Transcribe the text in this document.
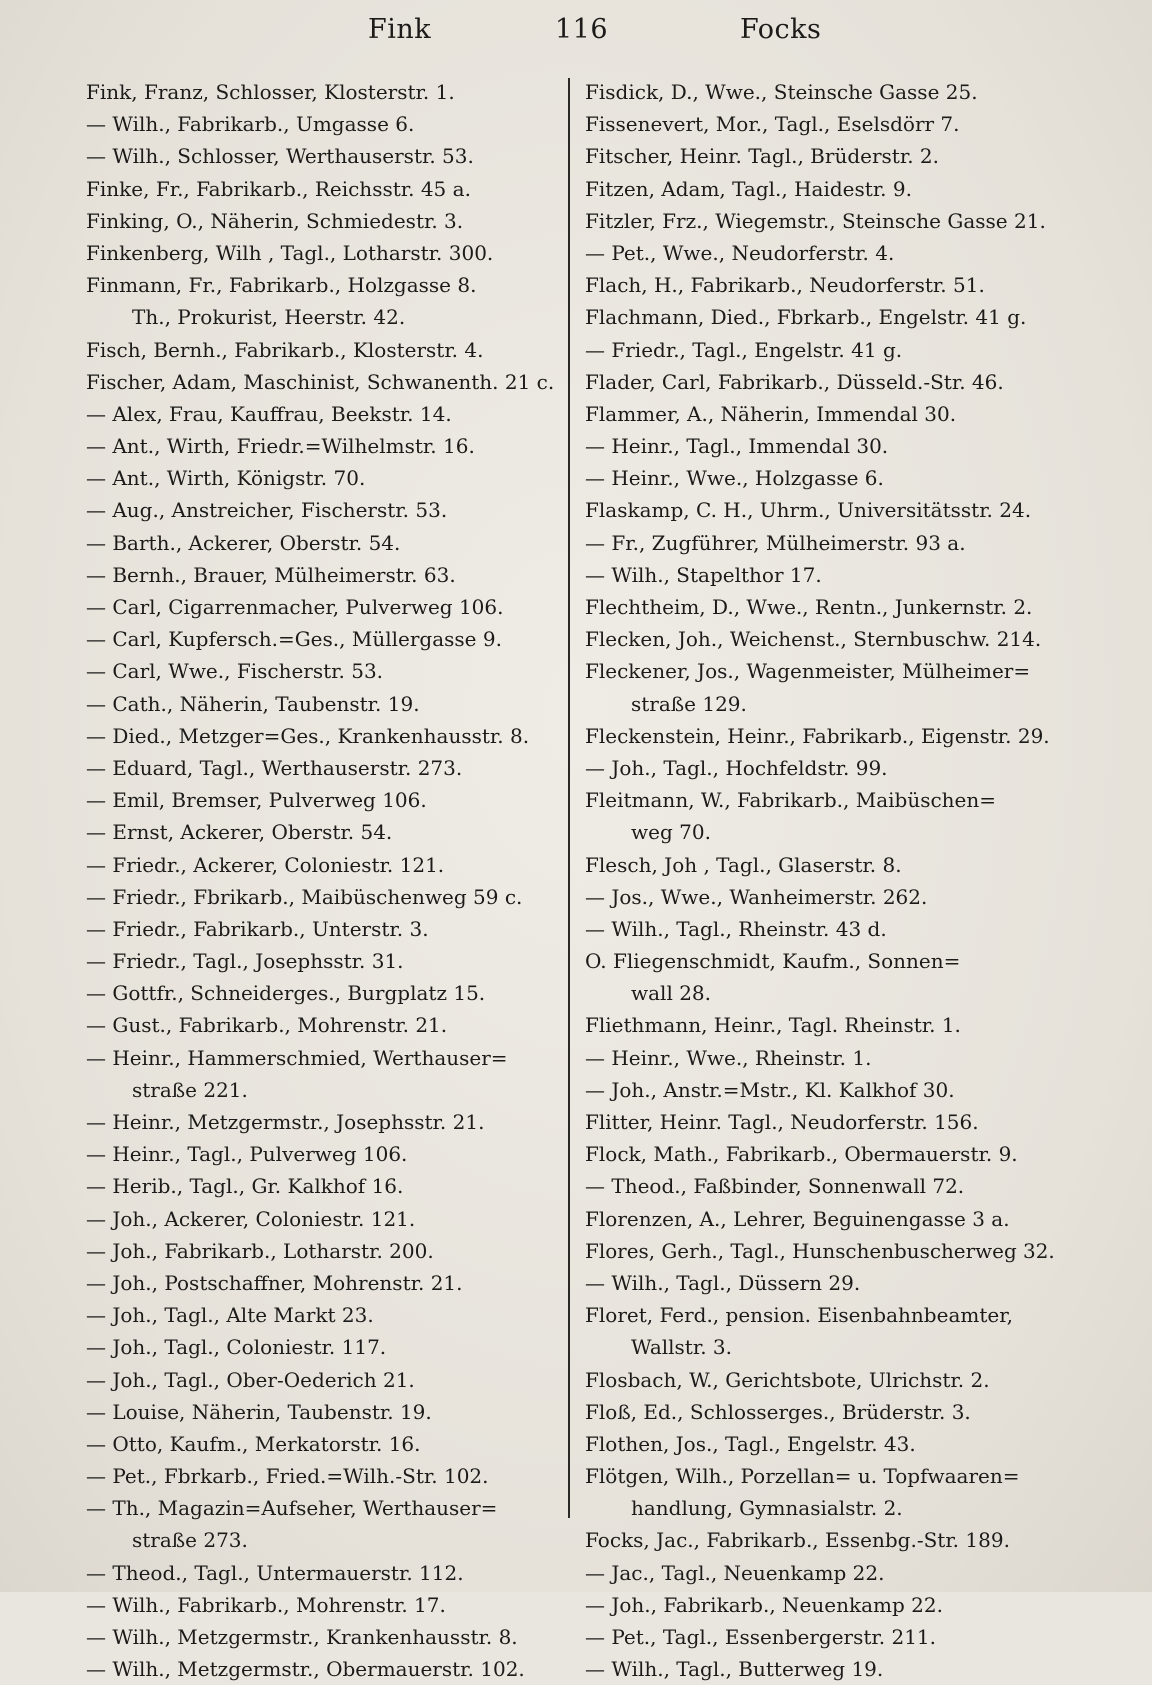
Fink	116	Focks
Fink, Franz, Schlosser, Klosterstr. 1.
— Wilh., Fabrikarb., Umgasse 6.
— Wilh., Schlosser, Werthauserstr. 53.
Finke, Fr., Fabrikarb., Reichsstr. 45 a.
Finking, O., Näherin, Schmiedestr. 3.
Finkenberg, Wilh , Tagl., Lotharstr. 300.
Finmann, Fr., Fabrikarb., Holzgasse 8.
Th., Prokurist, Heerstr. 42.
Fisch, Bernh., Fabrikarb., Klosterstr. 4.
Fischer, Adam, Maschinist, Schwanenth. 21 c.
— Alex, Frau, Kauffrau, Beekstr. 14.
— Ant., Wirth, Friedr.=Wilhelmstr. 16.
— Ant., Wirth, Königstr. 70.
— Aug., Anstreicher, Fischerstr. 53.
— Barth., Ackerer, Oberstr. 54.
— Bernh., Brauer, Mülheimerstr. 63.
— Carl, Cigarrenmacher, Pulverweg 106.
— Carl, Kupfersch.=Ges., Müllergasse 9.
— Carl, Wwe., Fischerstr. 53.
— Cath., Näherin, Taubenstr. 19.
— Died., Metzger=Ges., Krankenhausstr. 8.
— Eduard, Tagl., Werthauserstr. 273.
— Emil, Bremser, Pulverweg 106.
— Ernst, Ackerer, Oberstr. 54.
— Friedr., Ackerer, Coloniestr. 121.
— Friedr., Fbrikarb., Maibüschenweg 59 c.
— Friedr., Fabrikarb., Unterstr. 3.
— Friedr., Tagl., Josephsstr. 31.
— Gottfr., Schneiderges., Burgplatz 15.
— Gust., Fabrikarb., Mohrenstr. 21.
— Heinr., Hammerschmied, Werthauser=
straße 221.
— Heinr., Metzgermstr., Josephsstr. 21.
— Heinr., Tagl., Pulverweg 106.
— Herib., Tagl., Gr. Kalkhof 16.
— Joh., Ackerer, Coloniestr. 121.
— Joh., Fabrikarb., Lotharstr. 200.
— Joh., Postschaffner, Mohrenstr. 21.
— Joh., Tagl., Alte Markt 23.
— Joh., Tagl., Coloniestr. 117.
— Joh., Tagl., Ober-Oederich 21.
— Louise, Näherin, Taubenstr. 19.
— Otto, Kaufm., Merkatorstr. 16.
— Pet., Fbrkarb., Fried.=Wilh.-Str. 102.
— Th., Magazin=Aufseher, Werthauser=
straße 273.
— Theod., Tagl., Untermauerstr. 112.
— Wilh., Fabrikarb., Mohrenstr. 17.
— Wilh., Metzgermstr., Krankenhausstr. 8.
— Wilh., Metzgermstr., Obermauerstr. 102.
Fisdick, D., Wwe., Steinsche Gasse 25.
Fissenevert, Mor., Tagl., Eselsdörr 7.
Fitscher, Heinr. Tagl., Brüderstr. 2.
Fitzen, Adam, Tagl., Haidestr. 9.
Fitzler, Frz., Wiegemstr., Steinsche Gasse 21.
— Pet., Wwe., Neudorferstr. 4.
Flach, H., Fabrikarb., Neudorferstr. 51.
Flachmann, Died., Fbrkarb., Engelstr. 41 g.
— Friedr., Tagl., Engelstr. 41 g.
Flader, Carl, Fabrikarb., Düsseld.-Str. 46.
Flammer, A., Näherin, Immendal 30.
— Heinr., Tagl., Immendal 30.
— Heinr., Wwe., Holzgasse 6.
Flaskamp, C. H., Uhrm., Universitätsstr. 24.
— Fr., Zugführer, Mülheimerstr. 93 a.
— Wilh., Stapelthor 17.
Flechtheim, D., Wwe., Rentn., Junkernstr. 2.
Flecken, Joh., Weichenst., Sternbuschw. 214.
Fleckener, Jos., Wagenmeister, Mülheimer=
straße 129.
Fleckenstein, Heinr., Fabrikarb., Eigenstr. 29.
— Joh., Tagl., Hochfeldstr. 99.
Fleitmann, W., Fabrikarb., Maibüschen=
weg 70.
Flesch, Joh , Tagl., Glaserstr. 8.
— Jos., Wwe., Wanheimerstr. 262.
— Wilh., Tagl., Rheinstr. 43 d.
O. Fliegenschmidt, Kaufm., Sonnen=
wall 28.
Fliethmann, Heinr., Tagl. Rheinstr. 1.
— Heinr., Wwe., Rheinstr. 1.
— Joh., Anstr.=Mstr., Kl. Kalkhof 30.
Flitter, Heinr. Tagl., Neudorferstr. 156.
Flock, Math., Fabrikarb., Obermauerstr. 9.
— Theod., Faßbinder, Sonnenwall 72.
Florenzen, A., Lehrer, Beguinengasse 3 a.
Flores, Gerh., Tagl., Hunschenbuscherweg 32.
— Wilh., Tagl., Düssern 29.
Floret, Ferd., pension. Eisenbahnbeamter,
Wallstr. 3.
Flosbach, W., Gerichtsbote, Ulrichstr. 2.
Floß, Ed., Schlosserges., Brüderstr. 3.
Flothen, Jos., Tagl., Engelstr. 43.
Flötgen, Wilh., Porzellan= u. Topfwaaren=
handlung, Gymnasialstr. 2.
Focks, Jac., Fabrikarb., Essenbg.-Str. 189.
— Jac., Tagl., Neuenkamp 22.
— Joh., Fabrikarb., Neuenkamp 22.
— Pet., Tagl., Essenbergerstr. 211.
— Wilh., Tagl., Butterweg 19.
